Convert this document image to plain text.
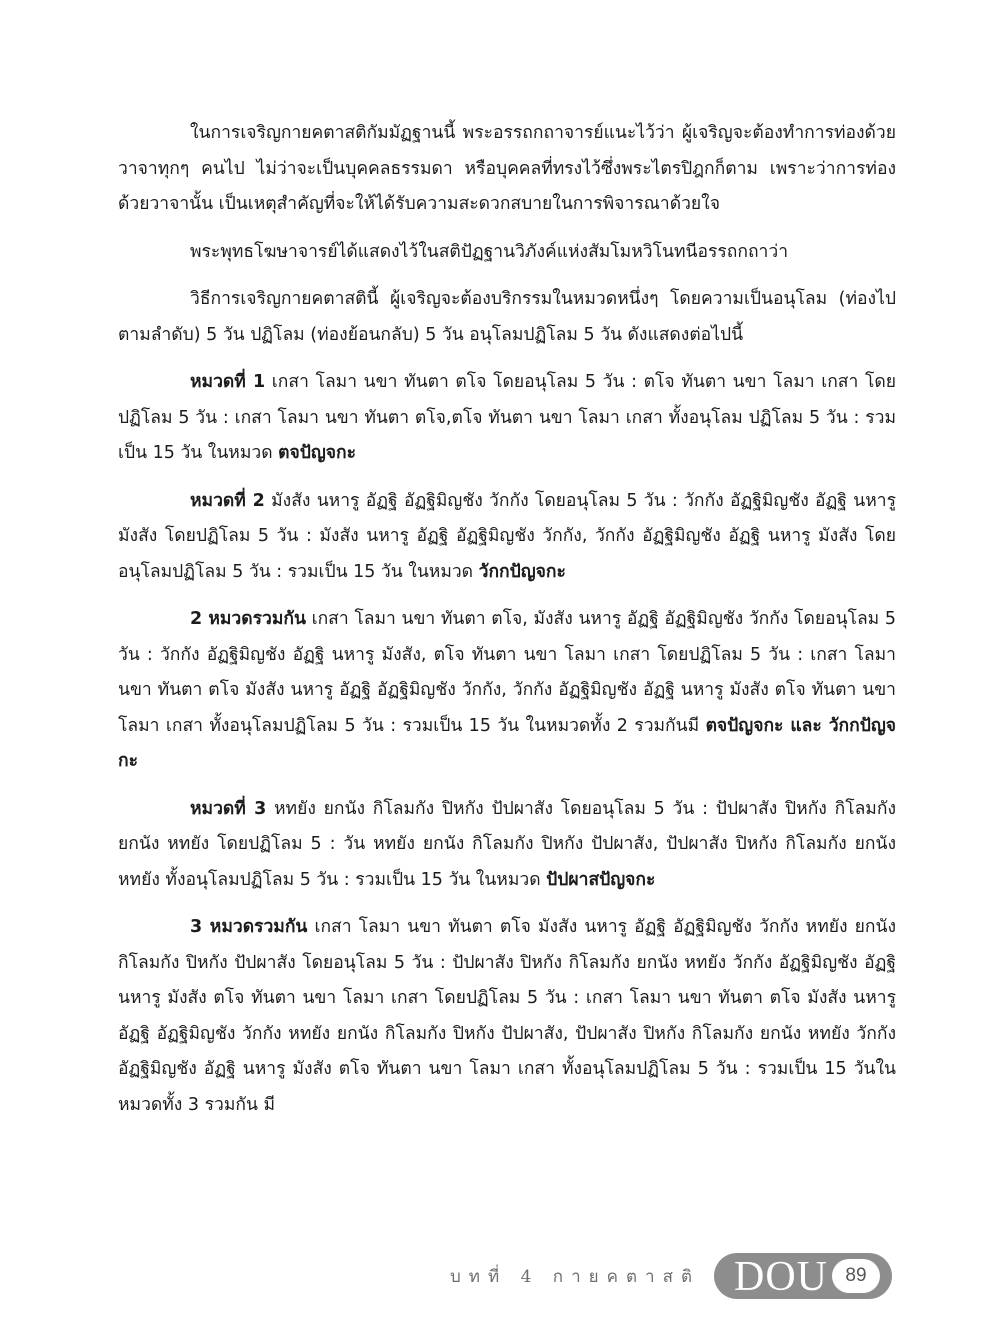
ในการเจริญกายคตาสติกัมมัฏฐานนี้ พระอรรถกถาจารย์แนะไว้ว่า ผู้เจริญจะต้องทำการท่องด้วยวาจาทุกๆ คนไป ไม่ว่าจะเป็นบุคคลธรรมดา หรือบุคคลที่ทรงไว้ซึ่งพระไตรปิฎกก็ตาม เพราะว่าการท่องด้วยวาจานั้น เป็นเหตุสำคัญที่จะให้ได้รับความสะดวกสบายในการพิจารณาด้วยใจ

พระพุทธโฆษาจารย์ได้แสดงไว้ในสติปัฏฐานวิภังค์แห่งสัมโมหวิโนทนีอรรถกถาว่า

วิธีการเจริญกายคตาสตินี้ ผู้เจริญจะต้องบริกรรมในหมวดหนึ่งๆ โดยความเป็นอนุโลม (ท่องไปตามลำดับ) 5 วัน ปฏิโลม (ท่องย้อนกลับ) 5 วัน อนุโลมปฏิโลม 5 วัน ดังแสดงต่อไปนี้

หมวดที่ 1 เกสา โลมา นขา ทันตา ตโจ โดยอนุโลม 5 วัน : ตโจ ทันตา นขา โลมา เกสา โดยปฏิโลม 5 วัน : เกสา โลมา นขา ทันตา ตโจ,ตโจ ทันตา นขา โลมา เกสา ทั้งอนุโลม ปฏิโลม 5 วัน : รวมเป็น 15 วัน ในหมวด ตจปัญจกะ

หมวดที่ 2 มังสัง นหารู อัฏฐิ อัฏฐิมิญชัง วักกัง โดยอนุโลม 5 วัน : วักกัง อัฏฐิมิญชัง อัฏฐิ นหารู มังสัง โดยปฏิโลม 5 วัน : มังสัง นหารู อัฏฐิ อัฏฐิมิญชัง วักกัง, วักกัง อัฏฐิมิญชัง อัฏฐิ นหารู มังสัง โดยอนุโลมปฏิโลม 5 วัน : รวมเป็น 15 วัน ในหมวด วักกปัญจกะ

2 หมวดรวมกัน เกสา โลมา นขา ทันตา ตโจ, มังสัง นหารู อัฏฐิ อัฏฐิมิญชัง วักกัง โดยอนุโลม 5 วัน : วักกัง อัฏฐิมิญชัง อัฏฐิ นหารู มังสัง, ตโจ ทันตา นขา โลมา เกสา โดยปฏิโลม 5 วัน : เกสา โลมา นขา ทันตา ตโจ มังสัง นหารู อัฏฐิ อัฏฐิมิญชัง วักกัง, วักกัง อัฏฐิมิญชัง อัฏฐิ นหารู มังสัง ตโจ ทันตา นขา โลมา เกสา ทั้งอนุโลมปฏิโลม 5 วัน : รวมเป็น 15 วัน ในหมวดทั้ง 2 รวมกันมี ตจปัญจกะ และ วักกปัญจกะ

หมวดที่ 3 หทยัง ยกนัง กิโลมกัง ปิหกัง ปัปผาสัง โดยอนุโลม 5 วัน : ปัปผาสัง ปิหกัง กิโลมกัง ยกนัง หทยัง โดยปฏิโลม 5 : วัน หทยัง ยกนัง กิโลมกัง ปิหกัง ปัปผาสัง, ปัปผาสัง ปิหกัง กิโลมกัง ยกนัง หทยัง ทั้งอนุโลมปฏิโลม 5 วัน : รวมเป็น 15 วัน ในหมวด ปัปผาสปัญจกะ

3 หมวดรวมกัน เกสา โลมา นขา ทันตา ตโจ มังสัง นหารู อัฏฐิ อัฏฐิมิญชัง วักกัง หทยัง ยกนัง กิโลมกัง ปิหกัง ปัปผาสัง โดยอนุโลม 5 วัน : ปัปผาสัง ปิหกัง กิโลมกัง ยกนัง หทยัง วักกัง อัฏฐิมิญชัง อัฏฐิ นหารู มังสัง ตโจ ทันตา นขา โลมา เกสา โดยปฏิโลม 5 วัน : เกสา โลมา นขา ทันตา ตโจ มังสัง นหารู อัฏฐิ อัฏฐิมิญชัง วักกัง หทยัง ยกนัง กิโลมกัง ปิหกัง ปัปผาสัง, ปัปผาสัง ปิหกัง กิโลมกัง ยกนัง หทยัง วักกัง อัฏฐิมิญชัง อัฏฐิ นหารู มังสัง ตโจ ทันตา นขา โลมา เกสา ทั้งอนุโลมปฏิโลม 5 วัน : รวมเป็น 15 วันในหมวดทั้ง 3 รวมกัน มี

บทที่ 4 กายคตาสติ DOU 89
